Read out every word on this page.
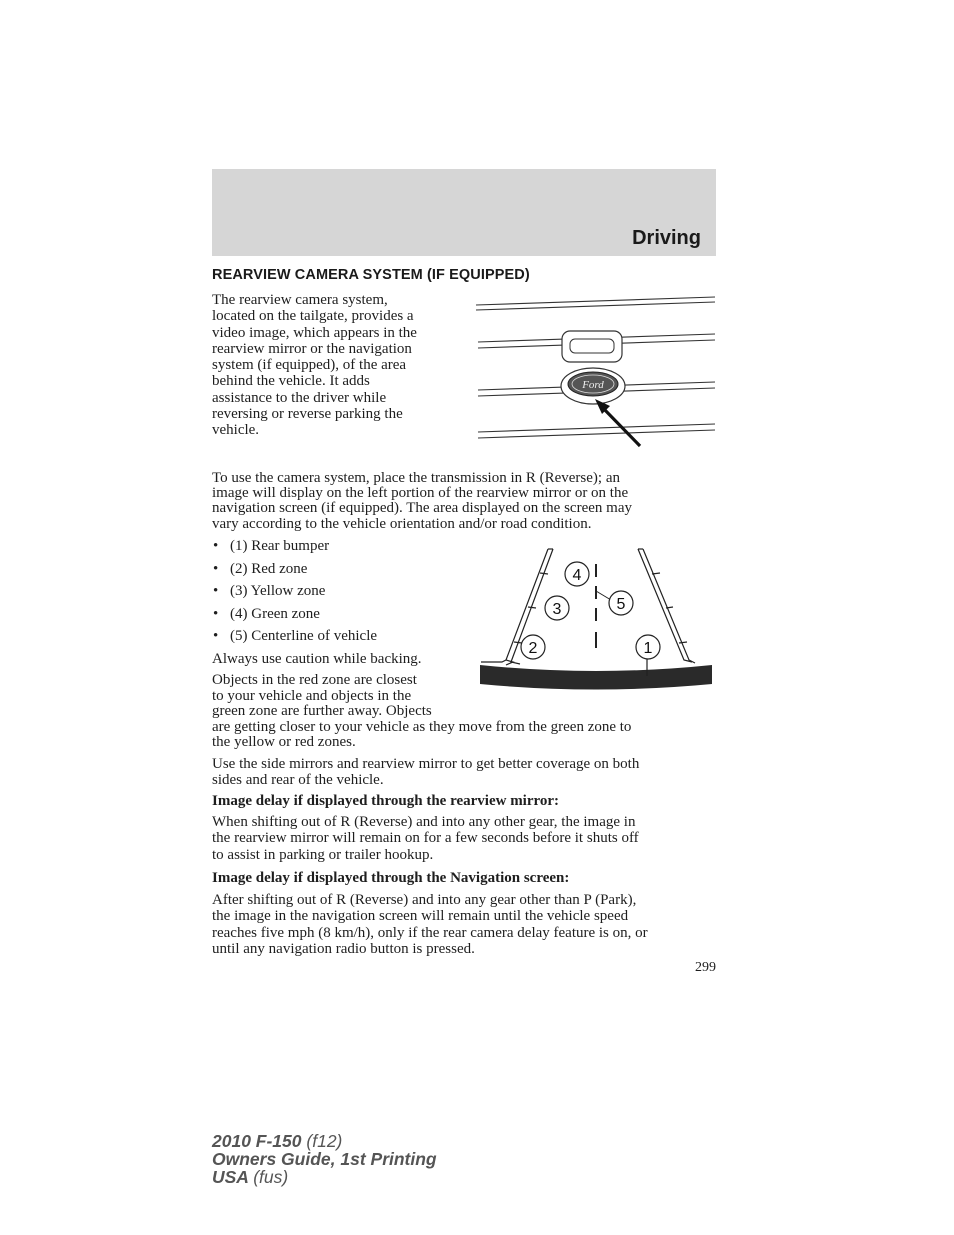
Driving
REARVIEW CAMERA SYSTEM (IF EQUIPPED)
The rearview camera system,
located on the tailgate, provides a
video image, which appears in the
rearview mirror or the navigation
system (if equipped), of the area
behind the vehicle. It adds
assistance to the driver while
reversing or reverse parking the
vehicle.
Ford
To use the camera system, place the transmission in R (Reverse); an
image will display on the left portion of the rearview mirror or on the
navigation screen (if equipped). The area displayed on the screen may
vary according to the vehicle orientation and/or road condition.
• (1) Rear bumper
• (2) Red zone
• (3) Yellow zone
• (4) Green zone
• (5) Centerline of vehicle
4
5
3
2	1
Always use caution while backing.
Objects in the red zone are closest
to your vehicle and objects in the
green zone are further away. Objects
are getting closer to your vehicle as they move from the green zone to
the yellow or red zones.
Use the side mirrors and rearview mirror to get better coverage on both
sides and rear of the vehicle.
Image delay if displayed through the rearview mirror:
When shifting out of R (Reverse) and into any other gear, the image in
the rearview mirror will remain on for a few seconds before it shuts off
to assist in parking or trailer hookup.
Image delay if displayed through the Navigation screen:
After shifting out of R (Reverse) and into any gear other than P (Park),
the image in the navigation screen will remain until the vehicle speed
reaches five mph (8 km/h), only if the rear camera delay feature is on, or
until any navigation radio button is pressed.
299
2010 F-150 (f12)
Owners Guide, 1st Printing
USA (fus)
